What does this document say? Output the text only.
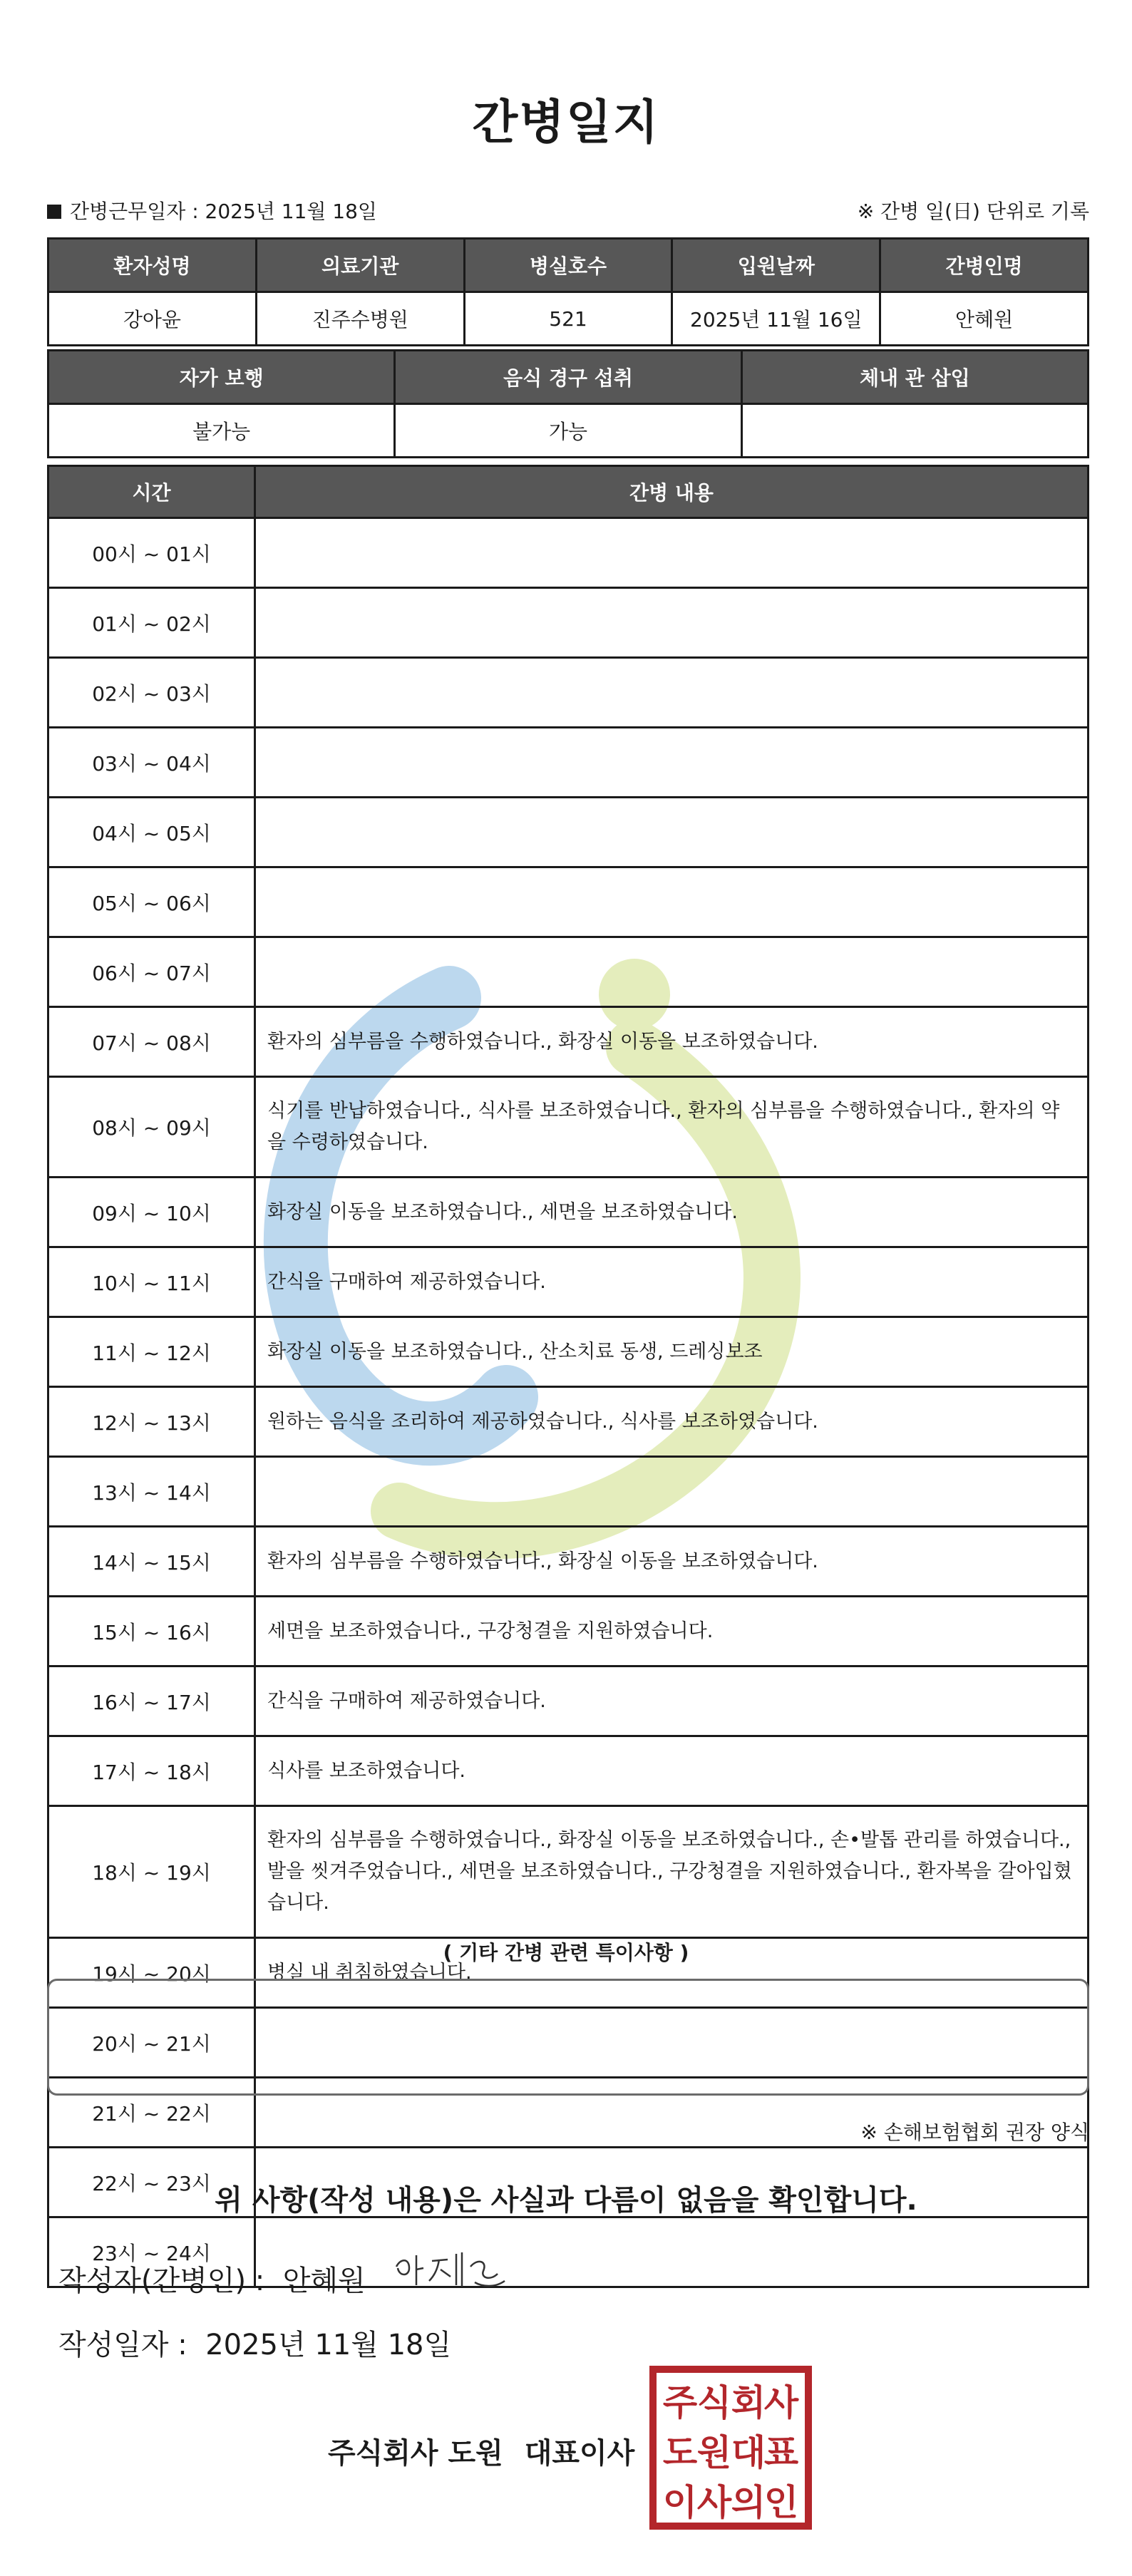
간병일지
간병근무일자 : 2025년 11월 18일	※ 간병 일(日) 단위로 기록
환자성명	의료기관	병실호수	입원날짜	간병인명
강아윤	진주수병원	521	2025년 11월 16일	안혜원
자가 보행	음식 경구 섭취	체내 관 삽입
불가능	가능	
시간	간병 내용
00시 ~ 01시	
01시 ~ 02시	
02시 ~ 03시	
03시 ~ 04시	
04시 ~ 05시	
05시 ~ 06시	
06시 ~ 07시	
07시 ~ 08시	환자의 심부름을 수행하였습니다., 화장실 이동을 보조하였습니다.
08시 ~ 09시	식기를 반납하였습니다., 식사를 보조하였습니다., 환자의 심부름을 수행하였습니다., 환자의 약을 수령하였습니다.
09시 ~ 10시	화장실 이동을 보조하였습니다., 세면을 보조하였습니다.
10시 ~ 11시	간식을 구매하여 제공하였습니다.
11시 ~ 12시	화장실 이동을 보조하였습니다., 산소치료 동생, 드레싱보조
12시 ~ 13시	원하는 음식을 조리하여 제공하였습니다., 식사를 보조하였습니다.
13시 ~ 14시	
14시 ~ 15시	환자의 심부름을 수행하였습니다., 화장실 이동을 보조하였습니다.
15시 ~ 16시	세면을 보조하였습니다., 구강청결을 지원하였습니다.
16시 ~ 17시	간식을 구매하여 제공하였습니다.
17시 ~ 18시	식사를 보조하였습니다.
18시 ~ 19시	환자의 심부름을 수행하였습니다., 화장실 이동을 보조하였습니다., 손•발톱 관리를 하였습니다., 발을 씻겨주었습니다., 세면을 보조하였습니다., 구강청결을 지원하였습니다., 환자복을 갈아입혔습니다.
19시 ~ 20시	병실 내 취침하였습니다.
20시 ~ 21시	
21시 ~ 22시	
22시 ~ 23시	
23시 ~ 24시	
( 기타 간병 관련 특이사항 )
※ 손해보험협회 권장 양식
위 사항(작성 내용)은 사실과 다름이 없음을 확인합니다.
작성자(간병인) : 안혜원
작성일자 : 2025년 11월 18일
주식회사 도원 대표이사
주 식 회
사
도 원 대
표
이 사 의
인
